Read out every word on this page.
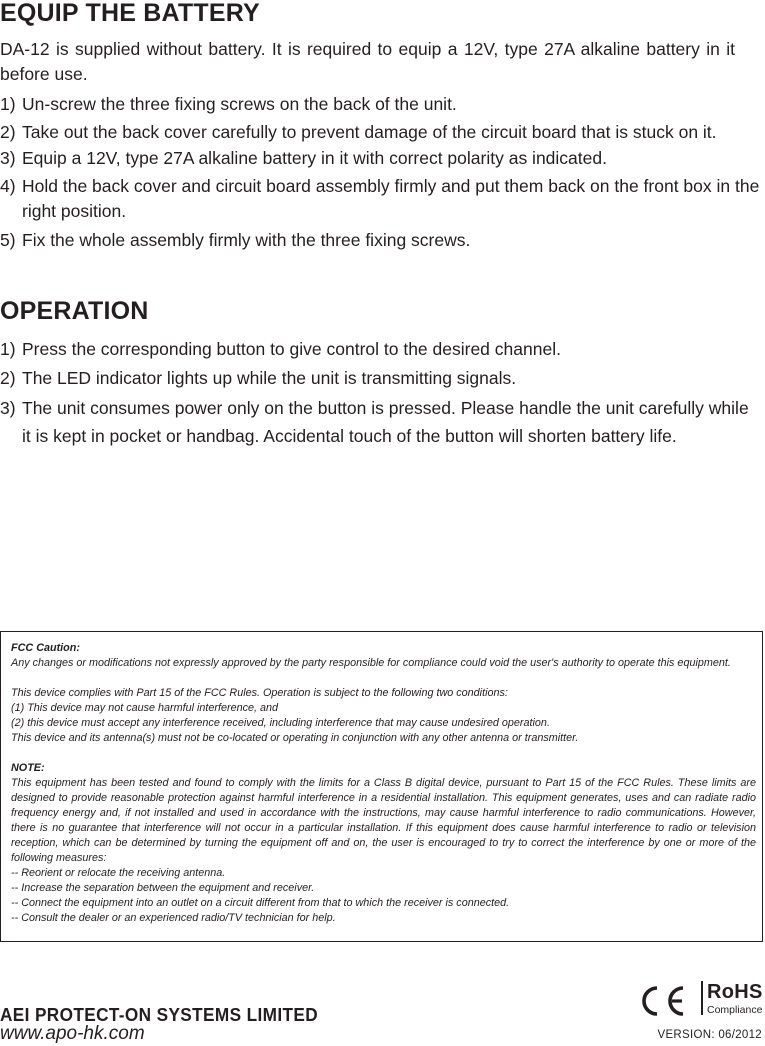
EQUIP THE BATTERY

DA-12 is supplied without battery. It is required to equip a 12V, type 27A alkaline battery in it before use.

1) Un-screw the three fixing screws on the back of the unit.
2) Take out the back cover carefully to prevent damage of the circuit board that is stuck on it.
3) Equip a 12V, type 27A alkaline battery in it with correct polarity as indicated.
4) Hold the back cover and circuit board assembly firmly and put them back on the front box in the right position.
5) Fix the whole assembly firmly with the three fixing screws.
OPERATION
1) Press the corresponding button to give control to the desired channel.
2) The LED indicator lights up while the unit is transmitting signals.
3) The unit consumes power only on the button is pressed. Please handle the unit carefully while it is kept in pocket or handbag. Accidental touch of the button will shorten battery life.

FCC Caution:

Any changes or modifications not expressly approved by the party responsible for compliance could void the user's authority to operate this equipment.

This device complies with Part 15 of the FCC Rules. Operation is subject to the following two conditions:

(1) This device may not cause harmful interference, and

(2) this device must accept any interference received, including interference that may cause undesired operation.

This device and its antenna(s) must not be co-located or operating in conjunction with any other antenna or transmitter.

NOTE:

This equipment has been tested and found to comply with the limits for a Class B digital device, pursuant to Part 15 of the FCC Rules. These limits are designed to provide reasonable protection against harmful interference in a residential installation. This equipment generates, uses and can radiate radio frequency energy and, if not installed and used in accordance with the instructions, may cause harmful interference to radio communications. However, there is no guarantee that interference will not occur in a particular installation. If this equipment does cause harmful interference to radio or television reception, which can be determined by turning the equipment off and on, the user is encouraged to try to correct the interference by one or more of the following measures:

-- Reorient or relocate the receiving antenna.

-- Increase the separation between the equipment and receiver.

-- Connect the equipment into an outlet on a circuit different from that to which the receiver is connected.

-- Consult the dealer or an experienced radio/TV technician for help.

AEI PROTECT-ON SYSTEMS LIMITED
www.apo-hk.com
RoHS
Compliance
VERSION: 06/2012
